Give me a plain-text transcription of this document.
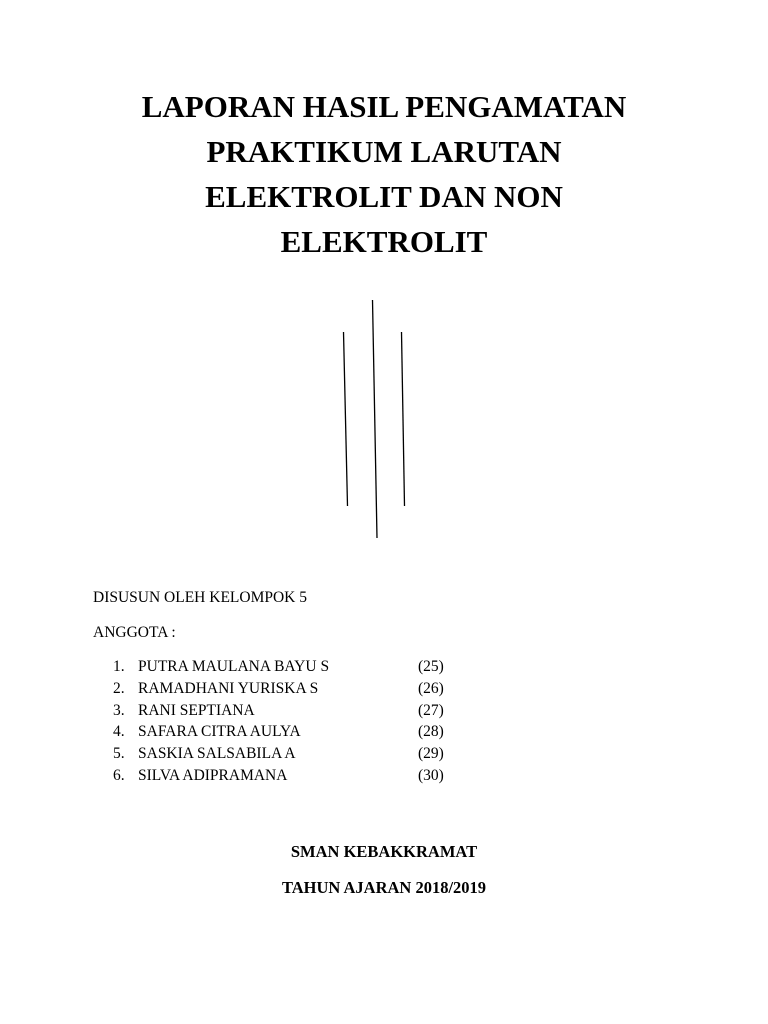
LAPORAN HASIL PENGAMATAN
PRAKTIKUM LARUTAN
ELEKTROLIT DAN NON
ELEKTROLIT
DISUSUN OLEH KELOMPOK 5
ANGGOTA :
1. PUTRA MAULANA BAYU S	(25)
2. RAMADHANI YURISKA S	(26)
3. RANI SEPTIANA	(27)
4. SAFARA CITRA AULYA	(28)
5. SASKIA SALSABILA A	(29)
6. SILVA ADIPRAMANA	(30)
SMAN KEBAKKRAMAT
TAHUN AJARAN 2018/2019
